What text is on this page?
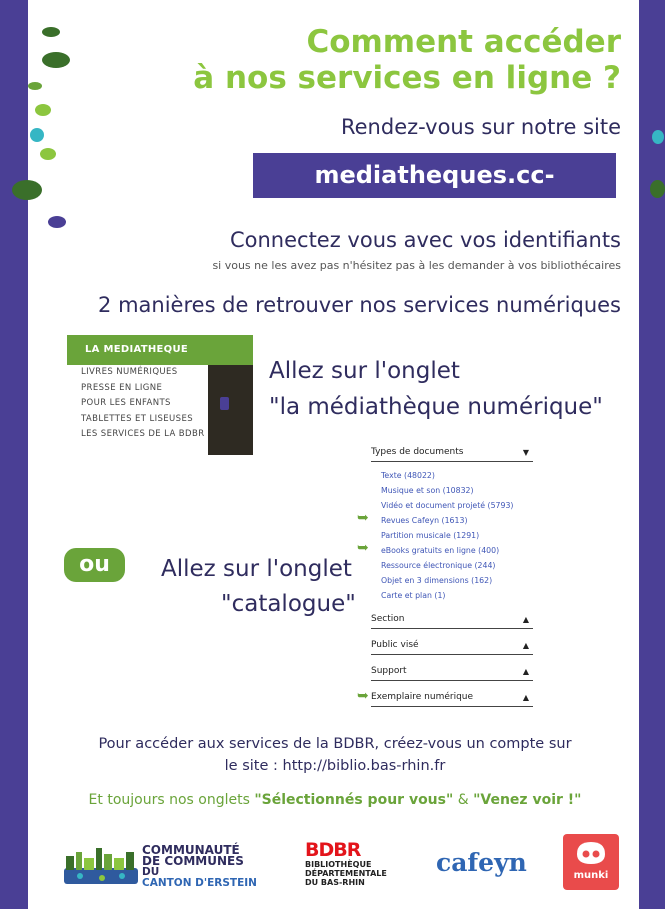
Comment accéder
à nos services en ligne ?
Rendez-vous sur notre site
mediatheques.cc-erstein.fr
Connectez vous avec vos identifiants
si vous ne les avez pas n'hésitez pas à les demander à vos bibliothécaires
2 manières de retrouver nos services numériques
LA MEDIATHEQUE
LIVRES NUMÉRIQUES
PRESSE EN LIGNE
POUR LES ENFANTS
TABLETTES ET LISEUSES
LES SERVICES DE LA BDBR
Allez sur l'onglet
"la médiathèque numérique"
ou	Allez sur l'onglet
"catalogue"
Types de documents	▼
Texte (48022)
Musique et son (10832)
Vidéo et document projeté (5793)
Revues Cafeyn (1613)
Partition musicale (1291)
eBooks gratuits en ligne (400)
Ressource électronique (244)
Objet en 3 dimensions (162)
Carte et plan (1)
Section	▲
Public visé	▲
Support	▲
Exemplaire numérique	▲
➥
➥
➥
Pour accéder aux services de la BDBR, créez-vous un compte sur
le site : http://biblio.bas-rhin.fr
Et toujours nos onglets "Sélectionnés pour vous" & "Venez voir !"
COMMUNAUTÉ
DE COMMUNES
DU
CANTON D'ERSTEIN
BDBR
BIBLIOTHÈQUE
DÉPARTEMENTALE
DU BAS-RHIN
cafeyn	munki
